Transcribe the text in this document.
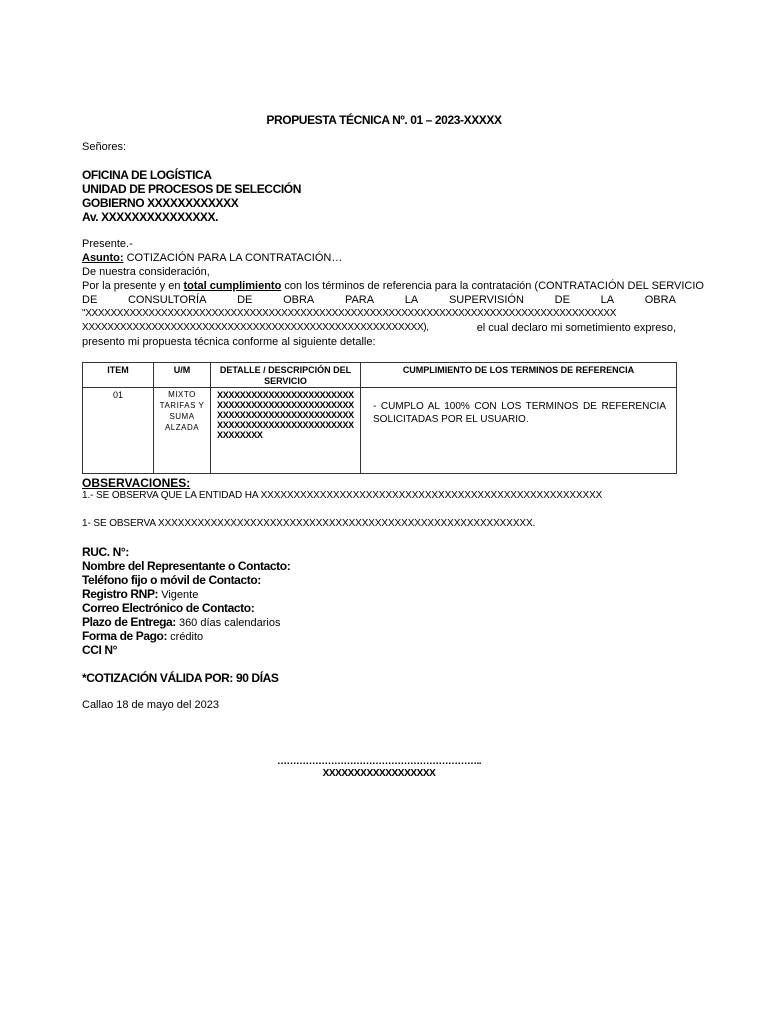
PROPUESTA TÉCNICA Nº. 01 – 2023-XXXXX
Señores:
OFICINA DE LOGÍSTICA
UNIDAD DE PROCESOS DE SELECCIÓN
GOBIERNO XXXXXXXXXXXX
Av. XXXXXXXXXXXXXXX.
Presente.-
Asunto: COTIZACIÓN PARA LA CONTRATACIÓN…
De nuestra consideración,
Por la presente y en total cumplimiento con los términos de referencia para la contratación (CONTRATACIÓN DEL SERVICIO
DE	CONSULTORÍA	DE	OBRA	PARA	LA	SUPERVISIÓN	DE	LA	OBRA
"XXXXXXXXXXXXXXXXXXXXXXXXXXXXXXXXXXXXXXXXXXXXXXXXXXXXXXXXXXXXXXXXXXXXXXXXXXXXXXXXXXXX
XXXXXXXXXXXXXXXXXXXXXXXXXXXXXXXXXXXXXXXXXXXXXXXXXXXXXX),	el cual declaro mi sometimiento expreso,
presento mi propuesta técnica conforme al siguiente detalle:
ITEM	U/M	DETALLE / DESCRIPCIÓN DEL SERVICIO	CUMPLIMIENTO DE LOS TERMINOS DE REFERENCIA

01	MIXTO TARIFAS Y SUMA ALZADA	XXXXXXXXXXXXXXXXXXXXXXXXXXXXXXXXXXXXXXXXXXXXXXXXXXXXXXXXXXXXXXXXXXXXXXXXXXXXXXXXXXXXXXXXXXXXXXXXXXXXXXXX	- CUMPLO AL 100% CON LOS TERMINOS DE REFERENCIA SOLICITADAS POR EL USUARIO.
OBSERVACIONES:
1.- SE OBSERVA QUE LA ENTIDAD HA XXXXXXXXXXXXXXXXXXXXXXXXXXXXXXXXXXXXXXXXXXXXXXXXXXXX
1- SE OBSERVA XXXXXXXXXXXXXXXXXXXXXXXXXXXXXXXXXXXXXXXXXXXXXXXXXXXXXXXXX.
RUC. N°:
Nombre del Representante o Contacto:
Teléfono fijo o móvil de Contacto:
Registro RNP: Vigente
Correo Electrónico de Contacto:
Plazo de Entrega: 360 días calendarios
Forma de Pago: crédito
CCI N°
*COTIZACIÓN VÁLIDA POR: 90 DÍAS
Callao 18 de mayo del 2023
………………………………………………………..
XXXXXXXXXXXXXXXXXX
